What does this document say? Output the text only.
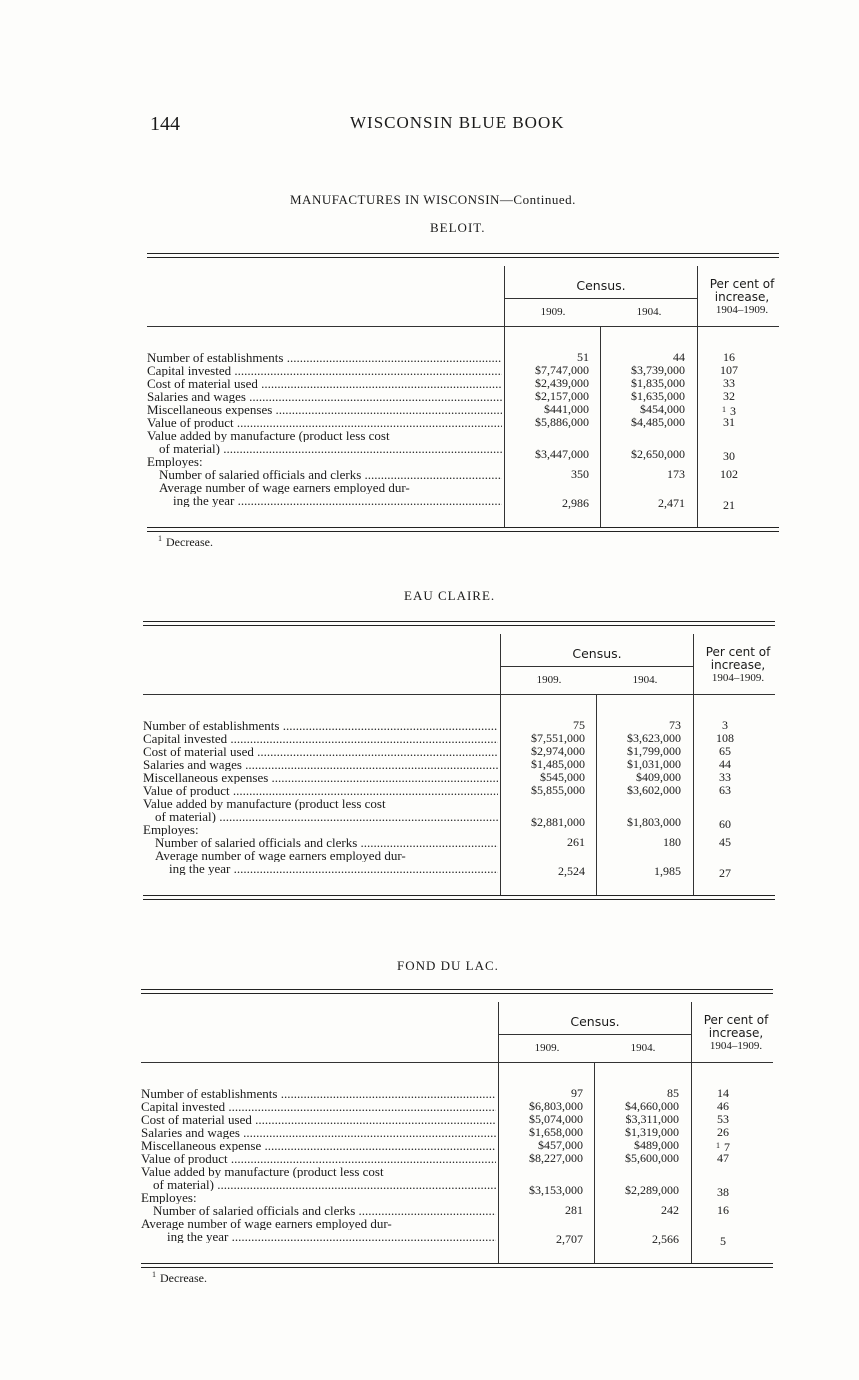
144	WISCONSIN BLUE BOOK
MANUFACTURES IN WISCONSIN—Continued.
BELOIT.
Census.
1909.	1904.
Per cent of
increase,
1904–1909.
Number of establishments .....	51	44	16
Capital invested .....	$7,747,000	$3,739,000	107
Cost of material used .....	$2,439,000	$1,835,000	33
Salaries and wages .....	$2,157,000	$1,635,000	32
Miscellaneous expenses .....	$441,000	$454,000	$^1$ 3
Value of product .....	$5,886,000	$4,485,000	31
Value added by manufacture (product less cost
of material) .....	$3,447,000	$2,650,000	30
Employes:
Number of salaried officials and clerks .....	350	173	102
Average number of wage earners employed dur-
ing the year .....	2,986	2,471	21
$^1$ Decrease.
EAU CLAIRE.
Census.
1909.	1904.
Per cent of
increase,
1904–1909.
Number of establishments .....	75	73	3
Capital invested .....	$7,551,000	$3,623,000	108
Cost of material used .....	$2,974,000	$1,799,000	65
Salaries and wages .....	$1,485,000	$1,031,000	44
Miscellaneous expenses .....	$545,000	$409,000	33
Value of product .....	$5,855,000	$3,602,000	63
Value added by manufacture (product less cost
of material) .....	$2,881,000	$1,803,000	60
Employes:
Number of salaried officials and clerks .....	261	180	45
Average number of wage earners employed dur-
ing the year .....	2,524	1,985	27
FOND DU LAC.
Census.
1909.	1904.
Per cent of
increase,
1904–1909.
Number of establishments .....	97	85	14
Capital invested .....	$6,803,000	$4,660,000	46
Cost of material used .....	$5,074,000	$3,311,000	53
Salaries and wages .....	$1,658,000	$1,319,000	26
Miscellaneous expense .....	$457,000	$489,000	$^1$ 7
Value of product .....	$8,227,000	$5,600,000	47
Value added by manufacture (product less cost
of material) .....	$3,153,000	$2,289,000	38
Employes:
Number of salaried officials and clerks .....	281	242	16
Average number of wage earners employed dur-
ing the year .....	2,707	2,566	5
$^1$ Decrease.
